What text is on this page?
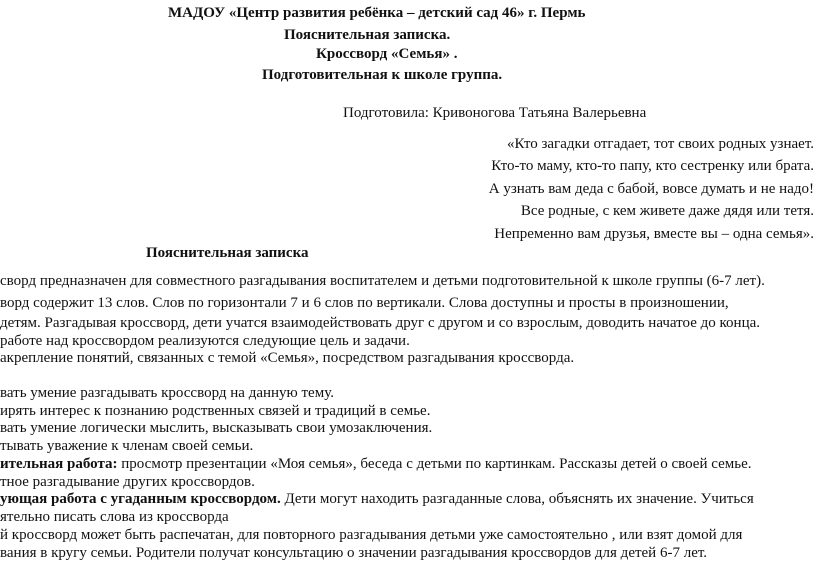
МАДОУ «Центр развития ребёнка – детский сад 46» г. Пермь
Пояснительная записка.
Кроссворд «Семья» .
Подготовительная к школе группа.
Подготовила: Кривоногова Татьяна Валерьевна
«Кто загадки отгадает, тот своих родных узнает.
Кто-то маму, кто-то папу, кто сестренку или брата.
А узнать вам деда с бабой, вовсе думать и не надо!
Все родные, с кем живете даже дядя или тетя.
Непременно вам друзья, вместе вы – одна семья».
Пояснительная записка
сворд предназначен для совместного разгадывания воспитателем и детьми подготовительной к школе группы (6-7 лет).
ворд содержит 13 слов. Слов по горизонтали 7 и 6 слов по вертикали. Слова доступны и просты в произношении,
детям. Разгадывая кроссворд, дети учатся взаимодействовать друг с другом и со взрослым, доводить начатое до конца.
работе над кроссвордом реализуются следующие цель и задачи.
акрепление понятий, связанных с темой «Семья», посредством разгадывания кроссворда.
вать умение разгадывать кроссворд на данную тему.
ирять интерес к познанию родственных связей и традиций в семье.
вать умение логически мыслить, высказывать свои умозаключения.
тывать уважение к членам своей семьи.
ительная работа: просмотр презентации «Моя семья», беседа с детьми по картинкам. Рассказы детей о своей семье.
тное разгадывание других кроссвордов.
ующая работа с угаданным кроссвордом. Дети могут находить разгаданные слова, объяснять их значение. Учиться
ятельно писать слова из кроссворда
й кроссворд может быть распечатан, для повторного разгадывания детьми уже самостоятельно , или взят домой для
вания в кругу семьи. Родители получат консультацию о значении разгадывания кроссвордов для детей 6-7 лет.
